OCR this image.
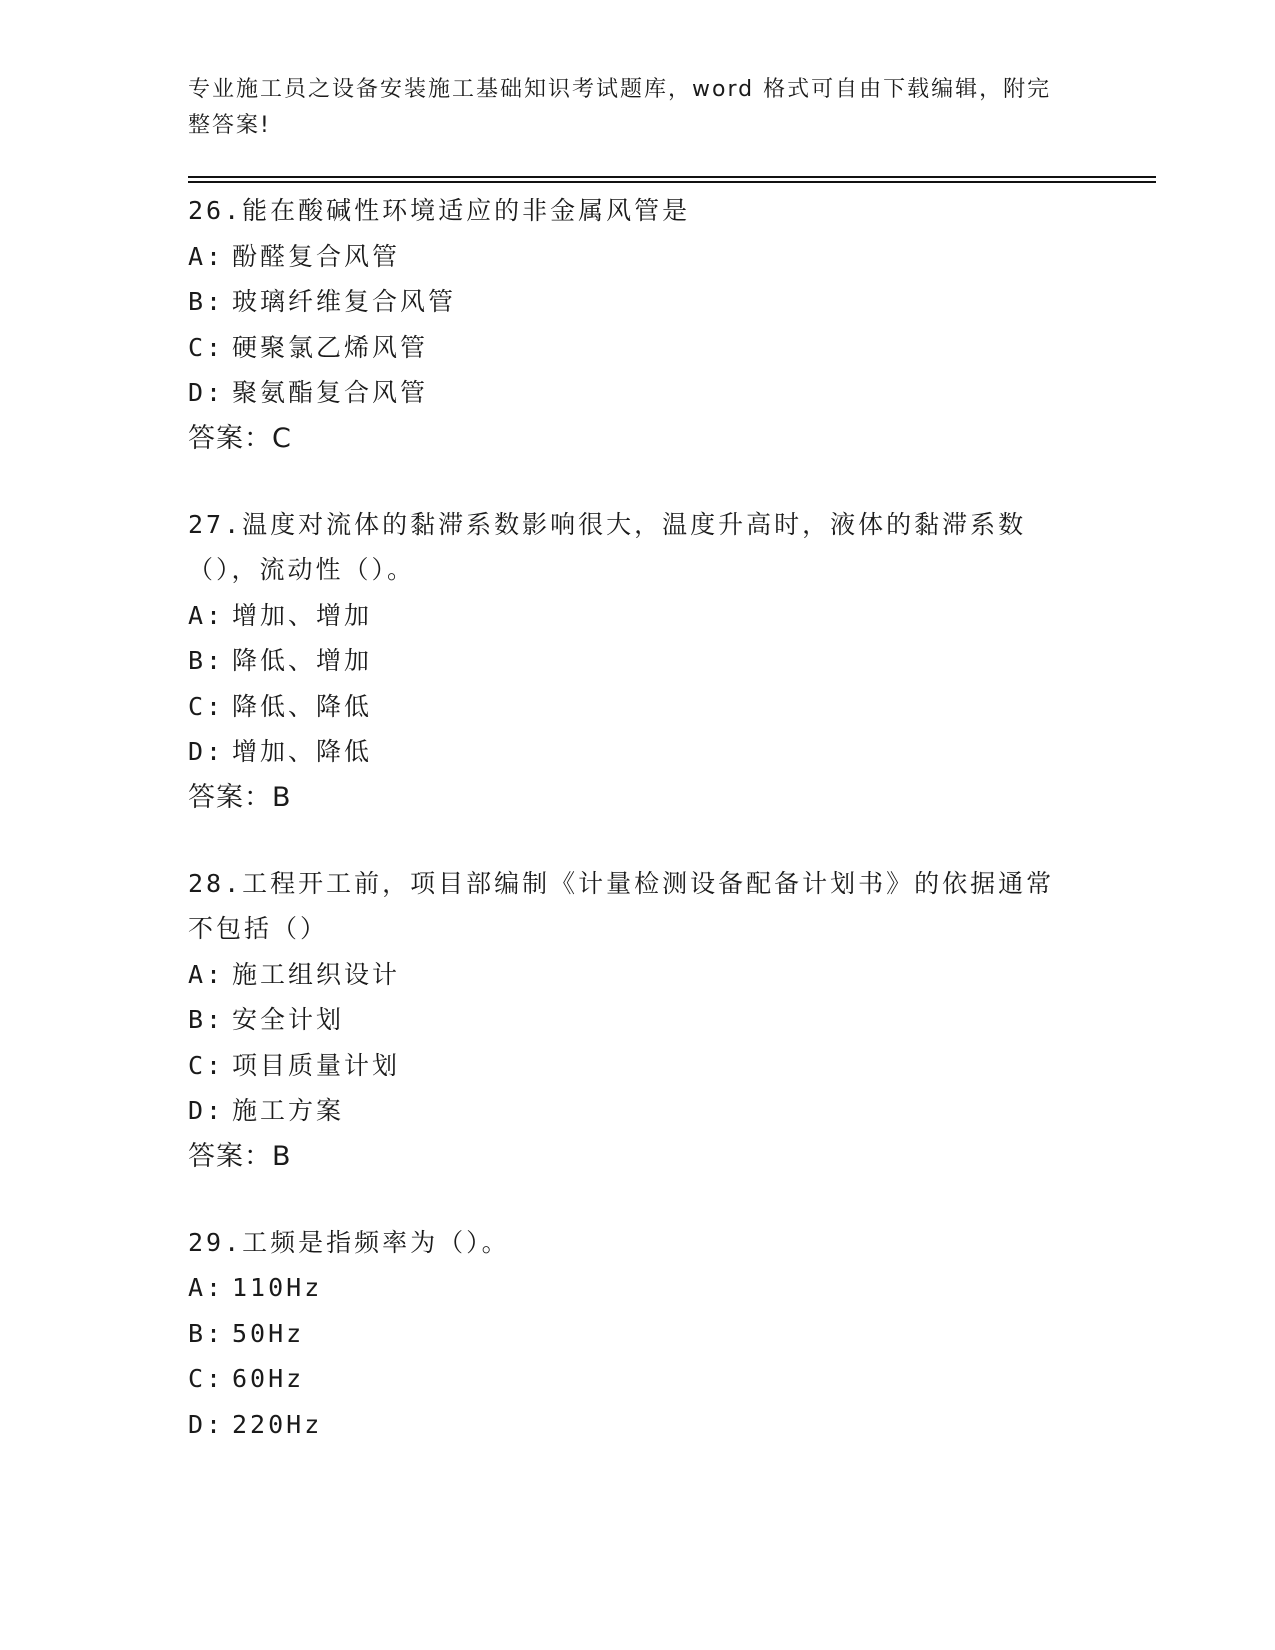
专业施工员之设备安装施工基础知识考试题库，word 格式可自由下载编辑，附完整答案!
26.能在酸碱性环境适应的非金属风管是
A: 酚醛复合风管
B: 玻璃纤维复合风管
C: 硬聚氯乙烯风管
D: 聚氨酯复合风管
答案：C
27.温度对流体的黏滞系数影响很大，温度升高时，液体的黏滞系数（），流动性（）。
A: 增加、增加
B: 降低、增加
C: 降低、降低
D: 增加、降低
答案：B
28.工程开工前，项目部编制《计量检测设备配备计划书》的依据通常不包括（）
A: 施工组织设计
B: 安全计划
C: 项目质量计划
D: 施工方案
答案：B
29.工频是指频率为（）。
A: 110Hz
B: 50Hz
C: 60Hz
D: 220Hz
